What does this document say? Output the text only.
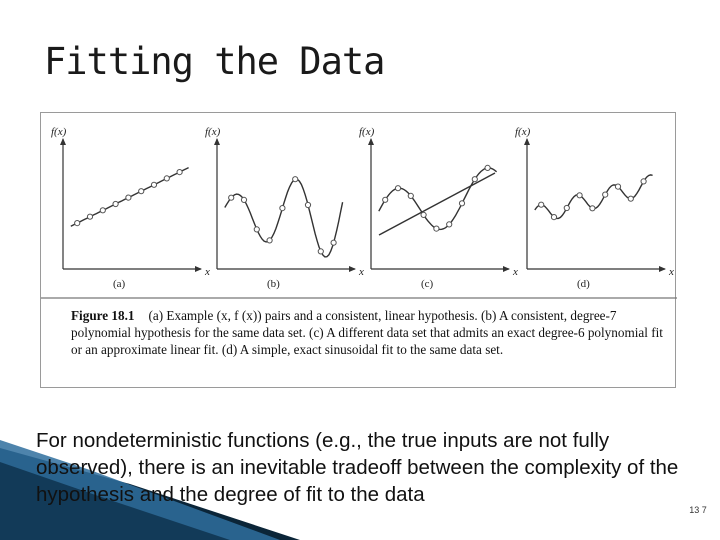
Fitting the Data
f(x)
x
(a)
f(x)
x
(b)
f(x)
x
(c)
f(x)
x
(d)
Figure 18.1 (a) Example (x, f (x)) pairs and a consistent, linear hypothesis. (b) A consistent, degree-7 polynomial hypothesis for the same data set. (c) A different data set that admits an exact degree-6 polynomial fit or an approximate linear fit. (d) A simple, exact sinusoidal fit to the same data set.

For nondeterministic functions (e.g., the true inputs are not fully observed), there is an inevitable tradeoff between the complexity of the hypothesis and the degree of fit to the data

13 7
